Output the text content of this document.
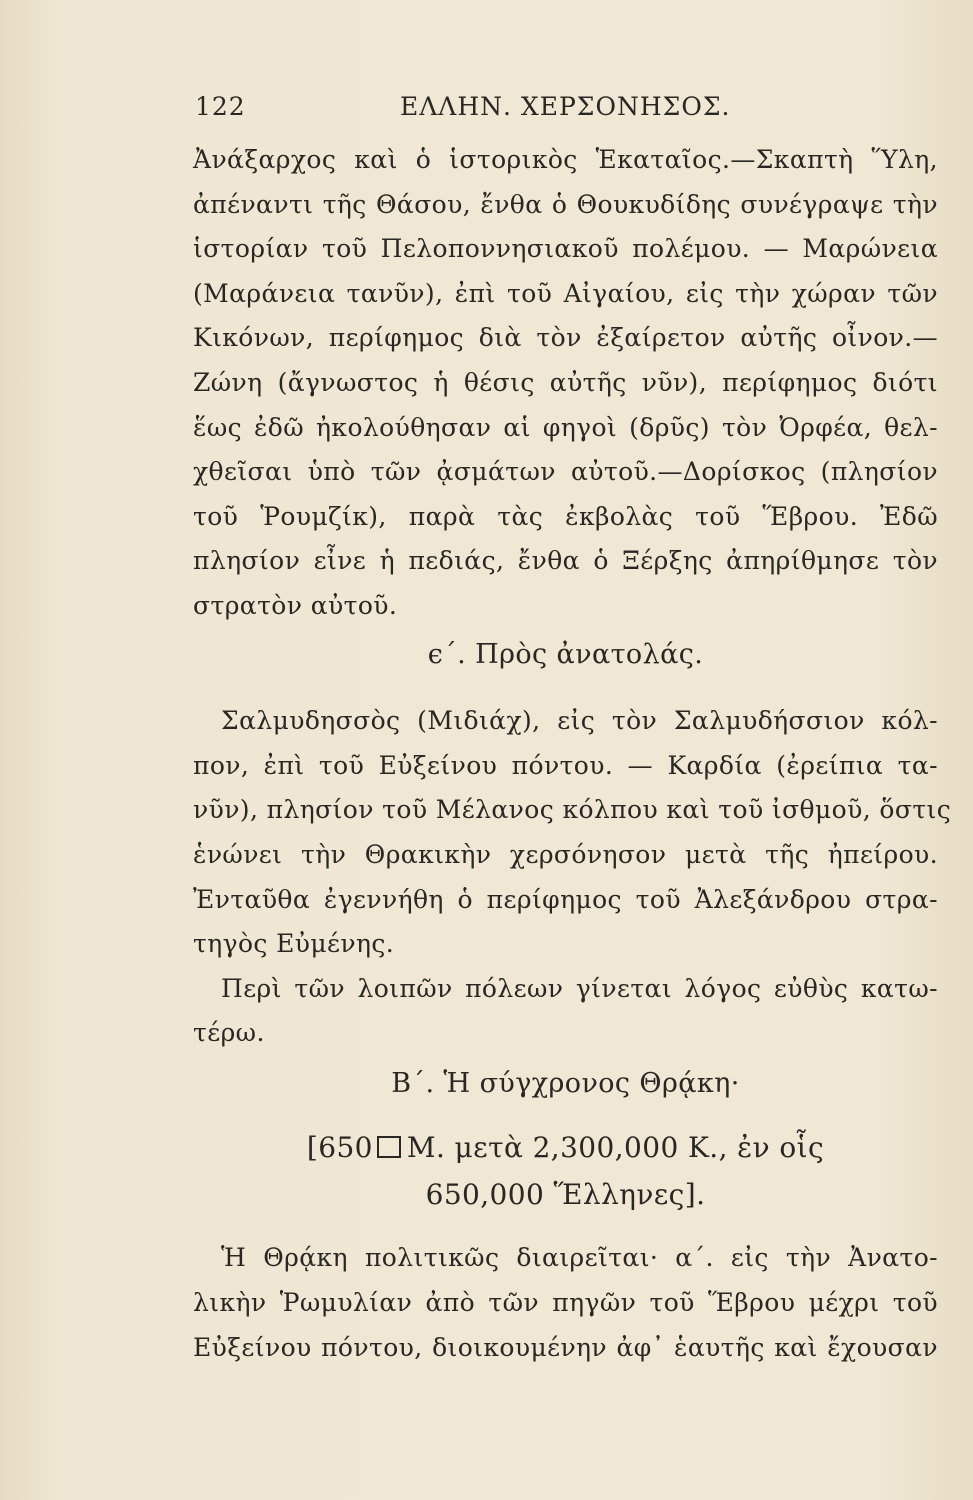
122	ΕΛΛΗΝ. ΧΕΡΣΟΝΗΣΟΣ.
Ἀνάξαρχος καὶ ὁ ἱστορικὸς Ἑκαταῖος.—Σκαπτὴ Ὕλη,
ἀπέναντι τῆς Θάσου, ἔνθα ὁ Θουκυδίδης συνέγραψε τὴν
ἱστορίαν τοῦ Πελοποννησιακοῦ πολέμου. — Μαρώνεια
(Μαράνεια τανῦν), ἐπὶ τοῦ Αἰγαίου, εἰς τὴν χώραν τῶν
Κικόνων, περίφημος διὰ τὸν ἐξαίρετον αὐτῆς οἶνον.—
Ζώνη (ἄγνωστος ἡ θέσις αὐτῆς νῦν), περίφημος διότι
ἕως ἐδῶ ἠκολούθησαν αἱ φηγοὶ (δρῦς) τὸν Ὀρφέα, θελ-
χθεῖσαι ὑπὸ τῶν ᾀσμάτων αὐτοῦ.—Δορίσκος (πλησίον
τοῦ Ῥουμζίκ), παρὰ τὰς ἐκβολὰς τοῦ Ἕβρου. Ἐδῶ
πλησίον εἶνε ἡ πεδιάς, ἔνθα ὁ Ξέρξης ἀπηρίθμησε τὸν
στρατὸν αὐτοῦ.
ϵ΄. Πρὸς ἀνατολάς.
Σαλμυδησσὸς (Μιδιάχ), εἰς τὸν Σαλμυδήσσιον κόλ-
πον, ἐπὶ τοῦ Εὐξείνου πόντου. — Καρδία (ἐρείπια τα-
νῦν), πλησίον τοῦ Μέλανος κόλπου καὶ τοῦ ἰσθμοῦ, ὅστις
ἑνώνει τὴν Θρακικὴν χερσόνησον μετὰ τῆς ἠπείρου.
Ἐνταῦθα ἐγεννήθη ὁ περίφημος τοῦ Ἀλεξάνδρου στρα-
τηγὸς Εὐμένης.
Περὶ τῶν λοιπῶν πόλεων γίνεται λόγος εὐθὺς κατω-
τέρω.
Β΄. Ἡ σύγχρονος Θρᾴκη·
[650 Μ. μετὰ 2,300,000 Κ., ἐν οἷς
650,000 Ἕλληνες].
Ἡ Θρᾴκη πολιτικῶς διαιρεῖται· α΄. εἰς τὴν Ἀνατο-
λικὴν Ῥωμυλίαν ἀπὸ τῶν πηγῶν τοῦ Ἕβρου μέχρι τοῦ
Εὐξείνου πόντου, διοικουμένην ἀφ᾽ ἑαυτῆς καὶ ἔχουσαν
